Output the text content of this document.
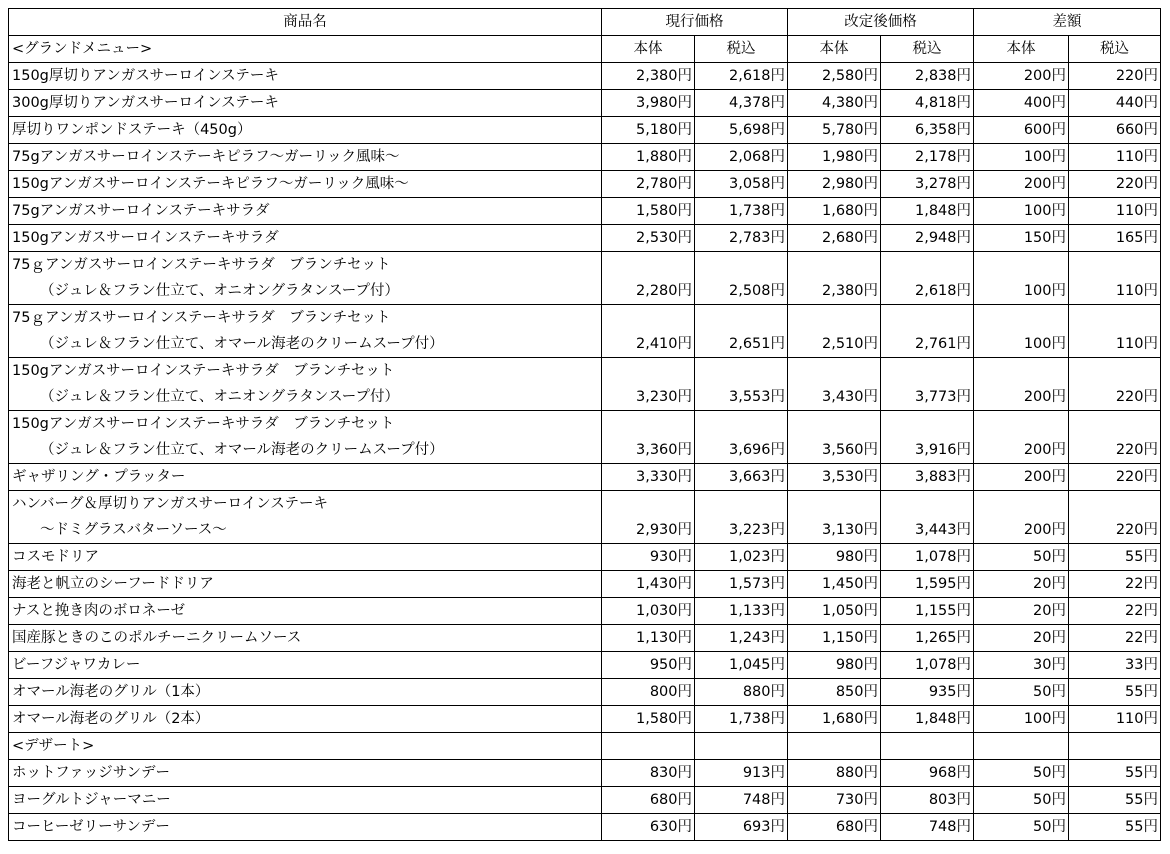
商品名	現行価格		改定後価格		差額	
<グランドメニュー>	本体	税込	本体	税込	本体	税込

150g厚切りアンガスサーロインステーキ	2,380円	2,618円	2,580円	2,838円	200円	220円

300g厚切りアンガスサーロインステーキ	3,980円	4,378円	4,380円	4,818円	400円	440円

厚切りワンポンドステーキ（450g）	5,180円	5,698円	5,780円	6,358円	600円	660円

75gアンガスサーロインステーキピラフ～ガーリック風味～	1,880円	2,068円	1,980円	2,178円	100円	110円

150gアンガスサーロインステーキピラフ～ガーリック風味～	2,780円	3,058円	2,980円	3,278円	200円	220円

75gアンガスサーロインステーキサラダ	1,580円	1,738円	1,680円	1,848円	100円	110円

150gアンガスサーロインステーキサラダ	2,530円	2,783円	2,680円	2,948円	150円	165円

75ｇアンガスサーロインステーキサラダ　ブランチセット
（ジュレ＆フラン仕立て、オニオングラタンスープ付）	2,280円	2,508円	2,380円	2,618円	100円	110円

75ｇアンガスサーロインステーキサラダ　ブランチセット
（ジュレ＆フラン仕立て、オマール海老のクリームスープ付）	2,410円	2,651円	2,510円	2,761円	100円	110円

150gアンガスサーロインステーキサラダ　ブランチセット
（ジュレ＆フラン仕立て、オニオングラタンスープ付）	3,230円	3,553円	3,430円	3,773円	200円	220円

150gアンガスサーロインステーキサラダ　ブランチセット
（ジュレ＆フラン仕立て、オマール海老のクリームスープ付）	3,360円	3,696円	3,560円	3,916円	200円	220円

ギャザリング・プラッター	3,330円	3,663円	3,530円	3,883円	200円	220円

ハンバーグ＆厚切りアンガスサーロインステーキ
～ドミグラスバターソース～	2,930円	3,223円	3,130円	3,443円	200円	220円

コスモドリア	930円	1,023円	980円	1,078円	50円	55円

海老と帆立のシーフードドリア	1,430円	1,573円	1,450円	1,595円	20円	22円

ナスと挽き肉のボロネーゼ	1,030円	1,133円	1,050円	1,155円	20円	22円

国産豚ときのこのポルチーニクリームソース	1,130円	1,243円	1,150円	1,265円	20円	22円

ビーフジャワカレー	950円	1,045円	980円	1,078円	30円	33円

オマール海老のグリル（1本）	800円	880円	850円	935円	50円	55円

オマール海老のグリル（2本）	1,580円	1,738円	1,680円	1,848円	100円	110円
<デザート>						

ホットファッジサンデー	830円	913円	880円	968円	50円	55円

ヨーグルトジャーマニー	680円	748円	730円	803円	50円	55円

コーヒーゼリーサンデー	630円	693円	680円	748円	50円	55円
